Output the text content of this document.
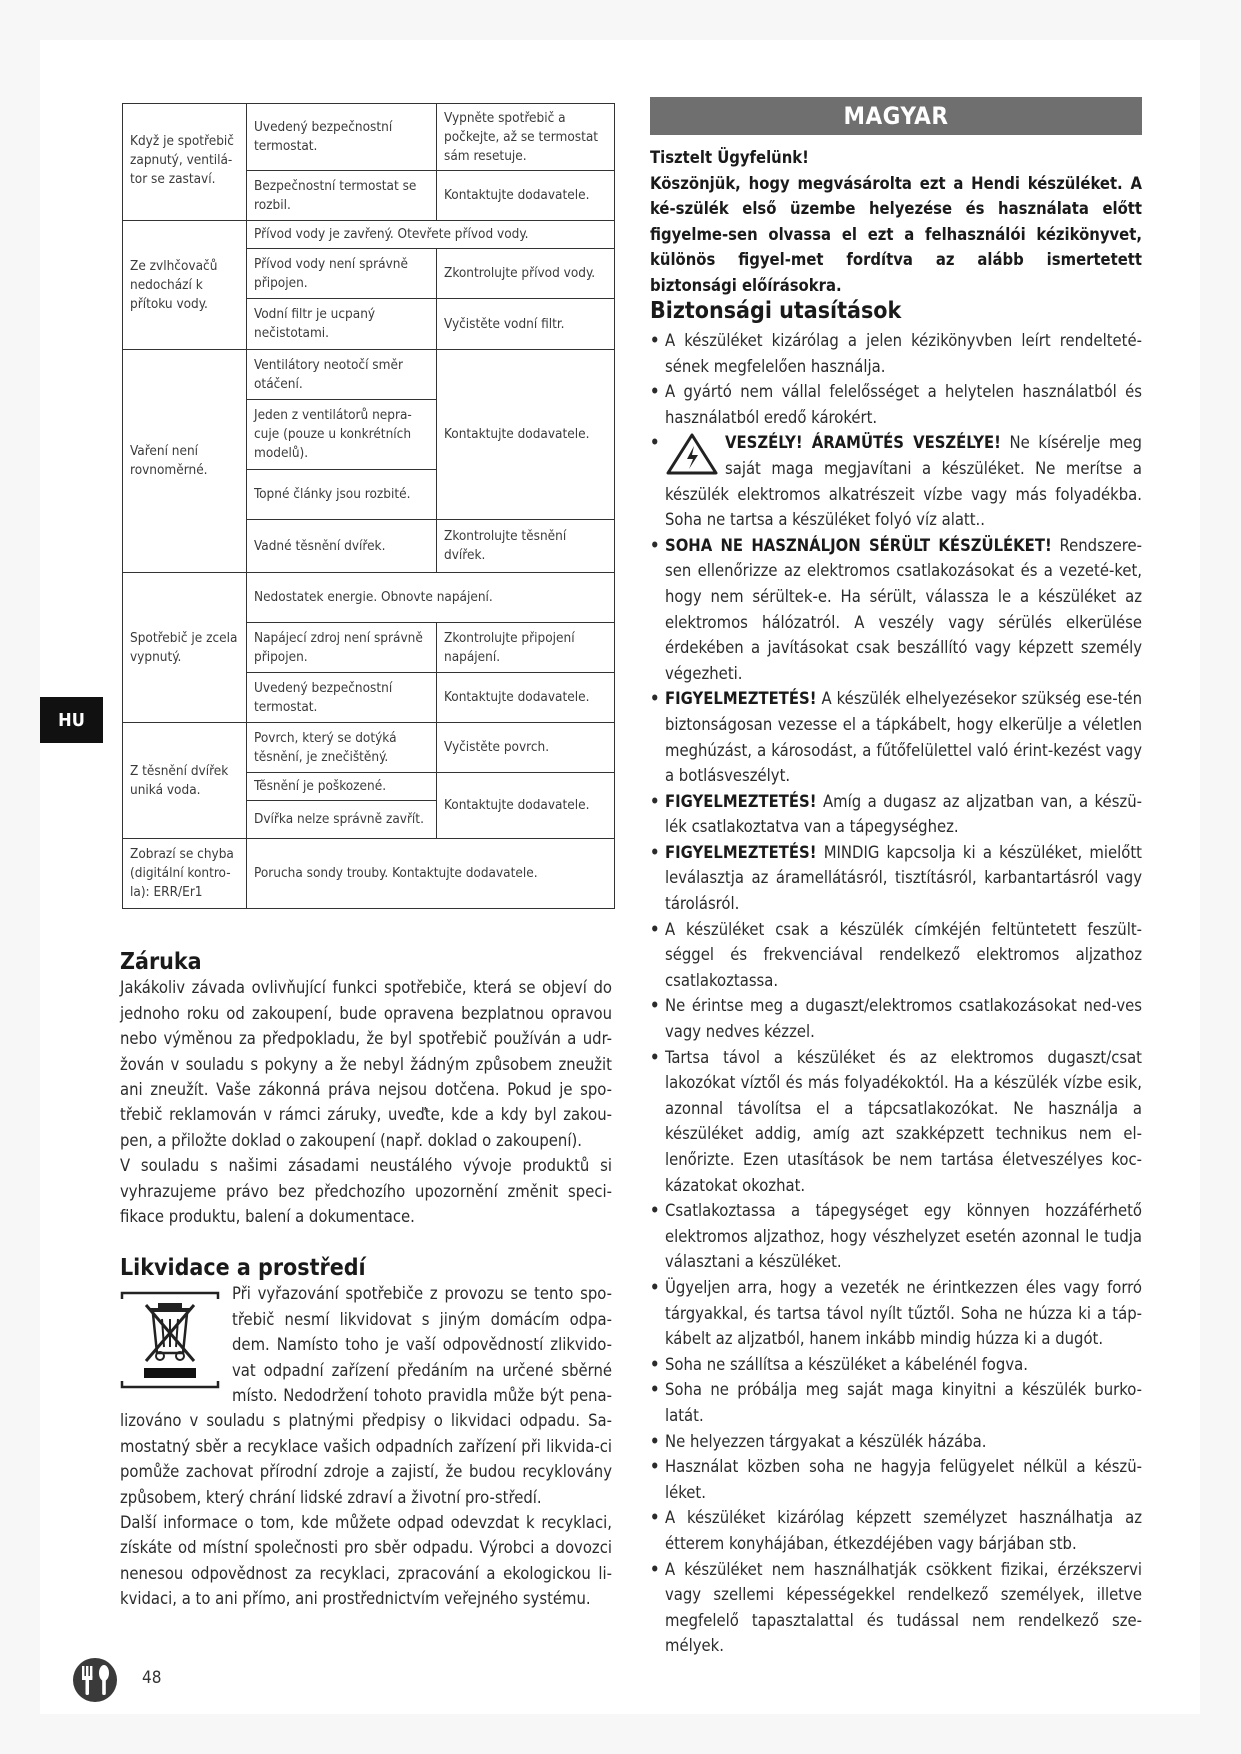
Když je spotřebič zapnutý, ventilá-tor se zastaví.	Uvedený bezpečnostní termostat.	Vypněte spotřebič a počkejte, až se termostat sám resetuje.
	Bezpečnostní termostat se rozbil.	Kontaktujte dodavatele.
Ze zvlhčovačů nedochází k přítoku vody.	Přívod vody je zavřený. Otevřete přívod vody.	
	Přívod vody není správně připojen.	Zkontrolujte přívod vody.
	Vodní filtr je ucpaný nečistotami.	Vyčistěte vodní filtr.
Vaření není rovnoměrné.	Ventilátory neotočí směr otáčení.	Kontaktujte dodavatele.
	Jeden z ventilátorů nepra-cuje (pouze u konkrétních modelů).	
	Topné články jsou rozbité.	
	Vadné těsnění dvířek.	Zkontrolujte těsnění dvířek.
Spotřebič je zcela vypnutý.	Nedostatek energie. Obnovte napájení.	
	Napájecí zdroj není správně připojen.	Zkontrolujte připojení napájení.
	Uvedený bezpečnostní termostat.	Kontaktujte dodavatele.
Z těsnění dvířek uniká voda.	Povrch, který se dotýká těsnění, je znečištěný.	Vyčistěte povrch.
	Těsnění je poškozené.	Kontaktujte dodavatele.
	Dvířka nelze správně zavřít.	
Zobrazí se chyba (digitální kontro-la): ERR/Er1	Porucha sondy trouby. Kontaktujte dodavatele.	
Záruka
Jakákoliv závada ovlivňující funkci spotřebiče, která se objeví do jednoho roku od zakoupení, bude opravena bezplatnou opravou nebo výměnou za předpokladu, že byl spotřebič používán a udr-žován v souladu s pokyny a že nebyl žádným způsobem zneužit ani zneužít. Vaše zákonná práva nejsou dotčena. Pokud je spo-třebič reklamován v rámci záruky, uveďte, kde a kdy byl zakou-pen, a přiložte doklad o zakoupení (např. doklad o zakoupení).
V souladu s našimi zásadami neustálého vývoje produktů si vyhrazujeme právo bez předchozího upozornění změnit speci-fikace produktu, balení a dokumentace.
Likvidace a prostředí
Při vyřazování spotřebiče z provozu se tento spo-třebič nesmí likvidovat s jiným domácím odpa-dem. Namísto toho je vaší odpovědností zlikvido-vat odpadní zařízení předáním na určené sběrné místo. Nedodržení tohoto pravidla může být pena-lizováno v souladu s platnými předpisy o likvidaci odpadu. Sa-mostatný sběr a recyklace vašich odpadních zařízení při likvida-ci pomůže zachovat přírodní zdroje a zajistí, že budou recyklovány způsobem, který chrání lidské zdraví a životní pro-středí.
Další informace o tom, kde můžete odpad odevzdat k recyklaci, získáte od místní společnosti pro sběr odpadu. Výrobci a dovozci nenesou odpovědnost za recyklaci, zpracování a ekologickou li-kvidaci, a to ani přímo, ani prostřednictvím veřejného systému.
HU
MAGYAR
Tisztelt Ügyfelünk!
Köszönjük, hogy megvásárolta ezt a Hendi készüléket. A ké-szülék első üzembe helyezése és használata előtt figyelme-sen olvassa el ezt a felhasználói kézikönyvet, különös figyel-met fordítva az alább ismertetett biztonsági előírásokra.
Biztonsági utasítások
• A készüléket kizárólag a jelen kézikönyvben leírt rendelteté-sének megfelelően használja.
• A gyártó nem vállal felelősséget a helytelen használatból és használatból eredő károkért.
• VESZÉLY! ÁRAMÜTÉS VESZÉLYE! Ne kísérelje meg saját maga megjavítani a készüléket. Ne merítse a készülék elektromos alkatrészeit vízbe vagy más folyadékba. Soha ne tartsa a készüléket folyó víz alatt..
• SOHA NE HASZNÁLJON SÉRÜLT KÉSZÜLÉKET! Rendszere-sen ellenőrizze az elektromos csatlakozásokat és a vezeté-ket, hogy nem sérültek-e. Ha sérült, válassza le a készüléket az elektromos hálózatról. A veszély vagy sérülés elkerülése érdekében a javításokat csak beszállító vagy képzett személy végezheti.
• FIGYELMEZTETÉS! A készülék elhelyezésekor szükség ese-tén biztonságosan vezesse el a tápkábelt, hogy elkerülje a véletlen meghúzást, a károsodást, a fűtőfelülettel való érint-kezést vagy a botlásveszélyt.
• FIGYELMEZTETÉS! Amíg a dugasz az aljzatban van, a készü-lék csatlakoztatva van a tápegységhez.
• FIGYELMEZTETÉS! MINDIG kapcsolja ki a készüléket, mielőtt leválasztja az áramellátásról, tisztításról, karbantartásról vagy tárolásról.
• A készüléket csak a készülék címkéjén feltüntetett feszült-séggel és frekvenciával rendelkező elektromos aljzathoz csatlakoztassa.
• Ne érintse meg a dugaszt/elektromos csatlakozásokat ned-ves vagy nedves kézzel.
• Tartsa távol a készüléket és az elektromos dugaszt/csat lakozókat víztől és más folyadékoktól. Ha a készülék vízbe esik, azonnal távolítsa el a tápcsatlakozókat. Ne használja a készüléket addig, amíg azt szakképzett technikus nem el-lenőrizte. Ezen utasítások be nem tartása életveszélyes koc-kázatokat okozhat.
• Csatlakoztassa a tápegységet egy könnyen hozzáférhető elektromos aljzathoz, hogy vészhelyzet esetén azonnal le tudja választani a készüléket.
• Ügyeljen arra, hogy a vezeték ne érintkezzen éles vagy forró tárgyakkal, és tartsa távol nyílt tűztől. Soha ne húzza ki a táp-kábelt az aljzatból, hanem inkább mindig húzza ki a dugót.
• Soha ne szállítsa a készüléket a kábelénél fogva.
• Soha ne próbálja meg saját maga kinyitni a készülék burko-latát.
• Ne helyezzen tárgyakat a készülék házába.
• Használat közben soha ne hagyja felügyelet nélkül a készü-léket.
• A készüléket kizárólag képzett személyzet használhatja az étterem konyhájában, étkezdéjében vagy bárjában stb.
• A készüléket nem használhatják csökkent fizikai, érzékszervi vagy szellemi képességekkel rendelkező személyek, illetve megfelelő tapasztalattal és tudással nem rendelkező sze-mélyek.
48
